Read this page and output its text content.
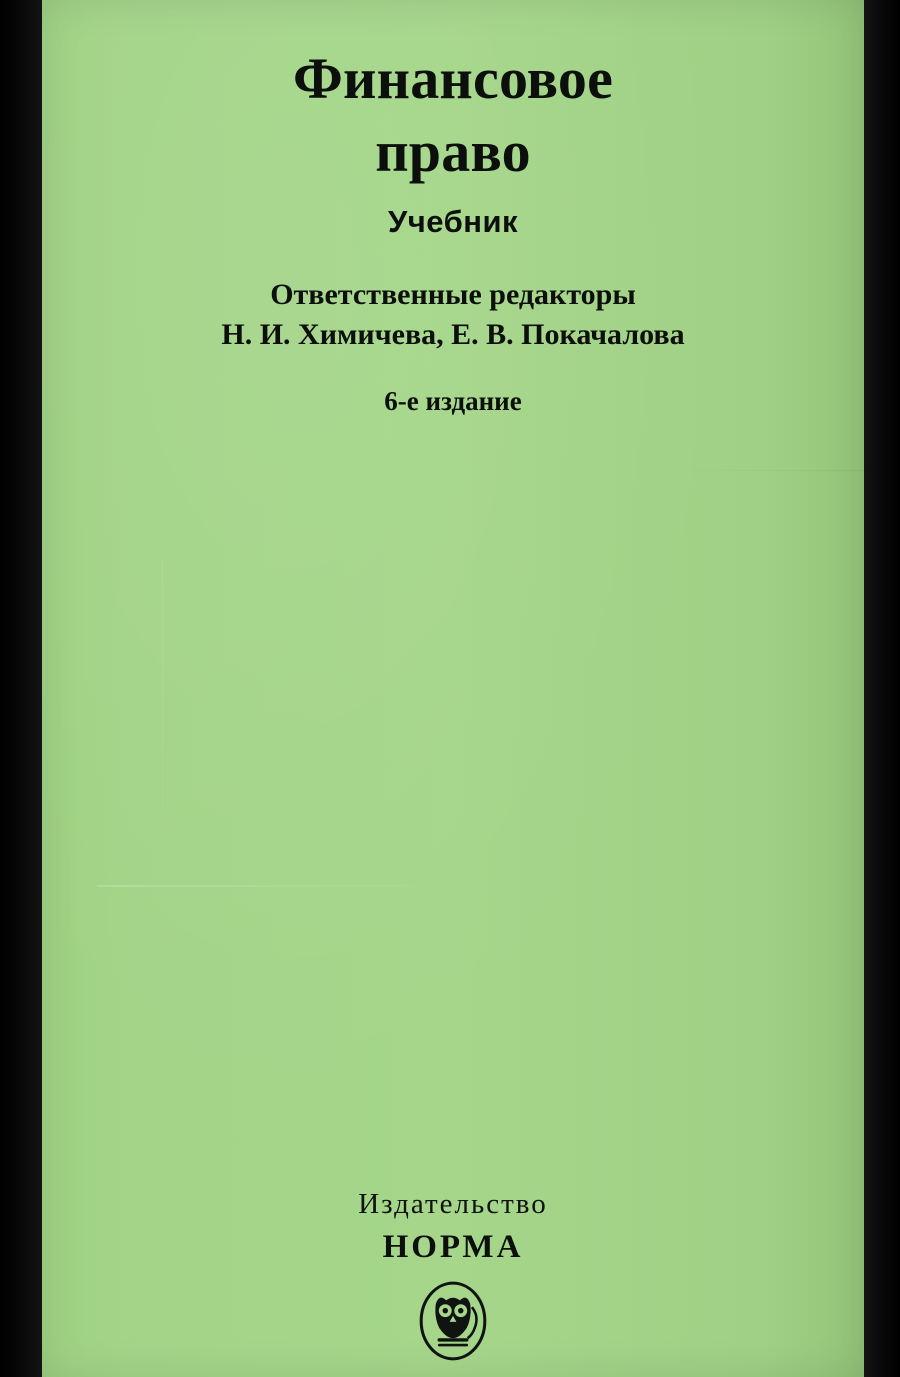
Финансовое
право
Учебник
Ответственные редакторы
Н. И. Химичева, Е. В. Покачалова
6-е издание
Издательство
НОРМА
